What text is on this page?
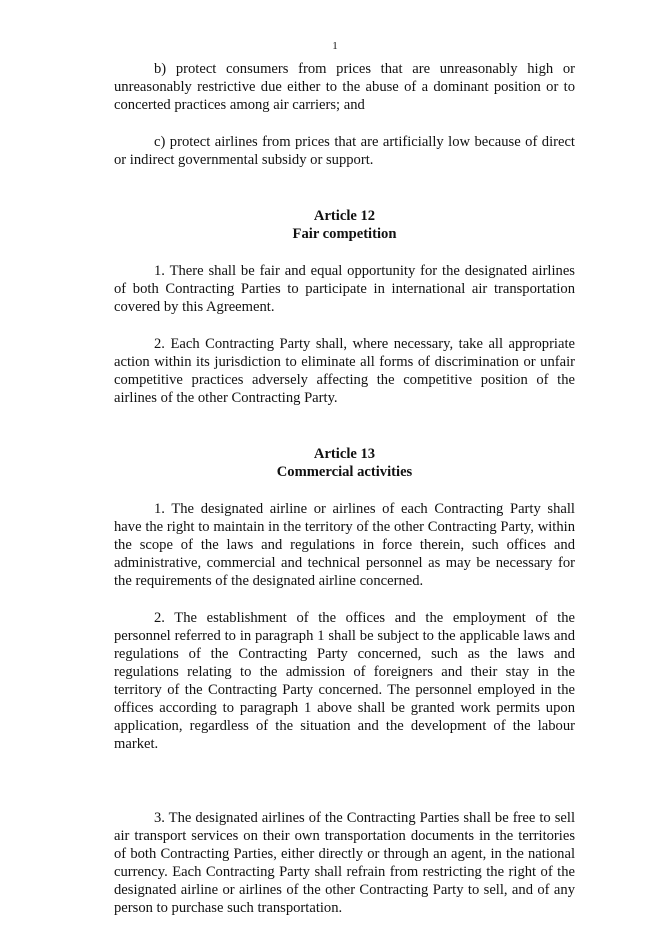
1

b) protect consumers from prices that are unreasonably high or unreasonably restrictive due either to the abuse of a dominant position or to concerted practices among air carriers; and

c) protect airlines from prices that are artificially low because of direct or indirect governmental subsidy or support.

Article 12
Fair competition

1. There shall be fair and equal opportunity for the designated airlines of both Contracting Parties to participate in international air transportation covered by this Agreement.

2. Each Contracting Party shall, where necessary, take all appropriate action within its jurisdiction to eliminate all forms of discrimination or unfair competitive practices adversely affecting the competitive position of the airlines of the other Contracting Party.

Article 13
Commercial activities

1. The designated airline or airlines of each Contracting Party shall have the right to maintain in the territory of the other Contracting Party, within the scope of the laws and regulations in force therein, such offices and administrative, commercial and technical personnel as may be necessary for the requirements of the designated airline concerned.

2. The establishment of the offices and the employment of the personnel referred to in paragraph 1 shall be subject to the applicable laws and regulations of the Contracting Party concerned, such as the laws and regulations relating to the admission of foreigners and their stay in the territory of the Contracting Party concerned. The personnel employed in the offices according to paragraph 1 above shall be granted work permits upon application, regardless of the situation and the development of the labour market.

3. The designated airlines of the Contracting Parties shall be free to sell air transport services on their own transportation documents in the territories of both Contracting Parties, either directly or through an agent, in the national currency. Each Contracting Party shall refrain from restricting the right of the designated airline or airlines of the other Contracting Party to sell, and of any person to purchase such transportation.
